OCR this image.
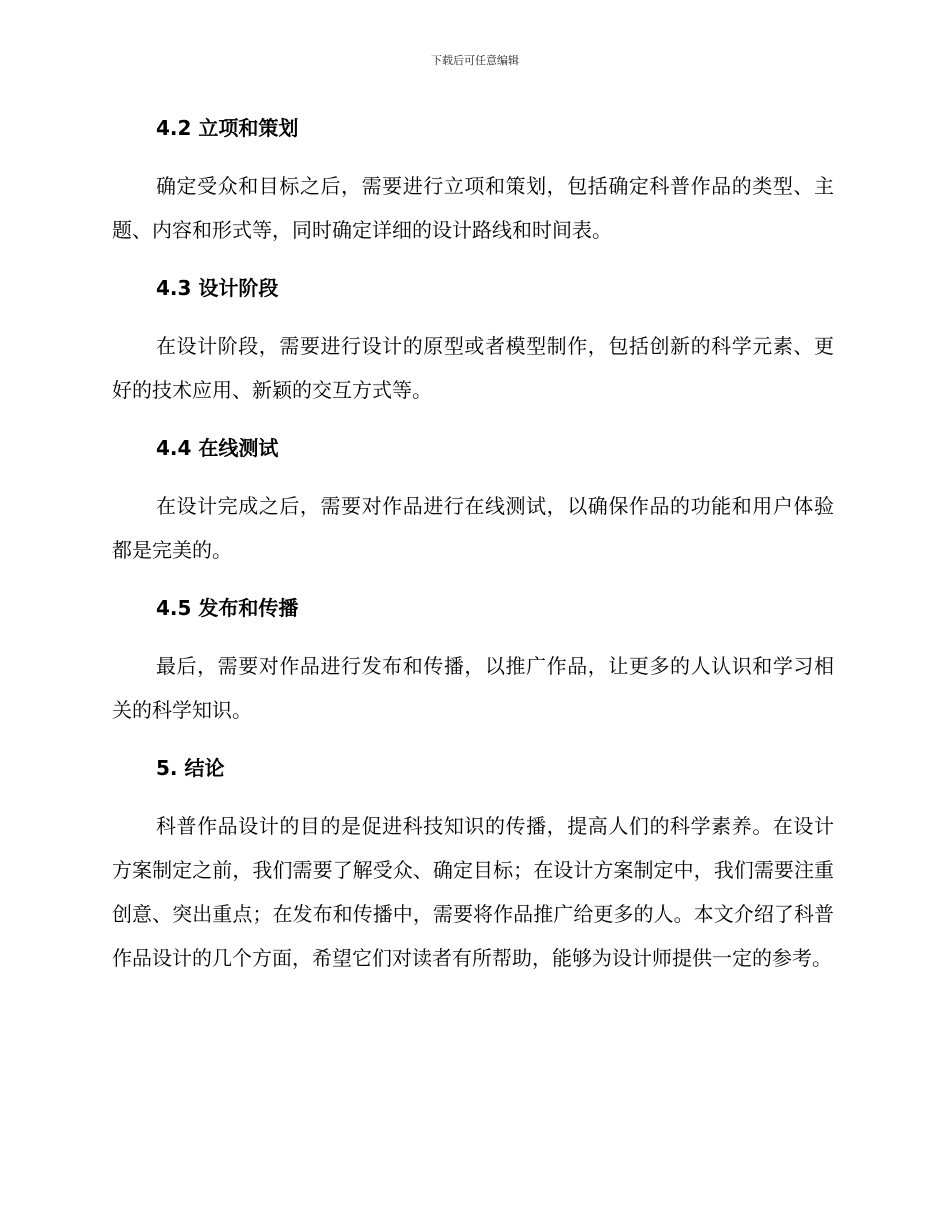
下载后可任意编辑
4.2 立项和策划

确定受众和目标之后，需要进行立项和策划，包括确定科普作品的类型、主题、内容和形式等，同时确定详细的设计路线和时间表。

4.3 设计阶段

在设计阶段，需要进行设计的原型或者模型制作，包括创新的科学元素、更好的技术应用、新颖的交互方式等。

4.4 在线测试

在设计完成之后，需要对作品进行在线测试，以确保作品的功能和用户体验都是完美的。

4.5 发布和传播

最后，需要对作品进行发布和传播，以推广作品，让更多的人认识和学习相关的科学知识。

5. 结论

科普作品设计的目的是促进科技知识的传播，提高人们的科学素养。在设计方案制定之前，我们需要了解受众、确定目标；在设计方案制定中，我们需要注重创意、突出重点；在发布和传播中，需要将作品推广给更多的人。本文介绍了科普作品设计的几个方面，希望它们对读者有所帮助，能够为设计师提供一定的参考。
